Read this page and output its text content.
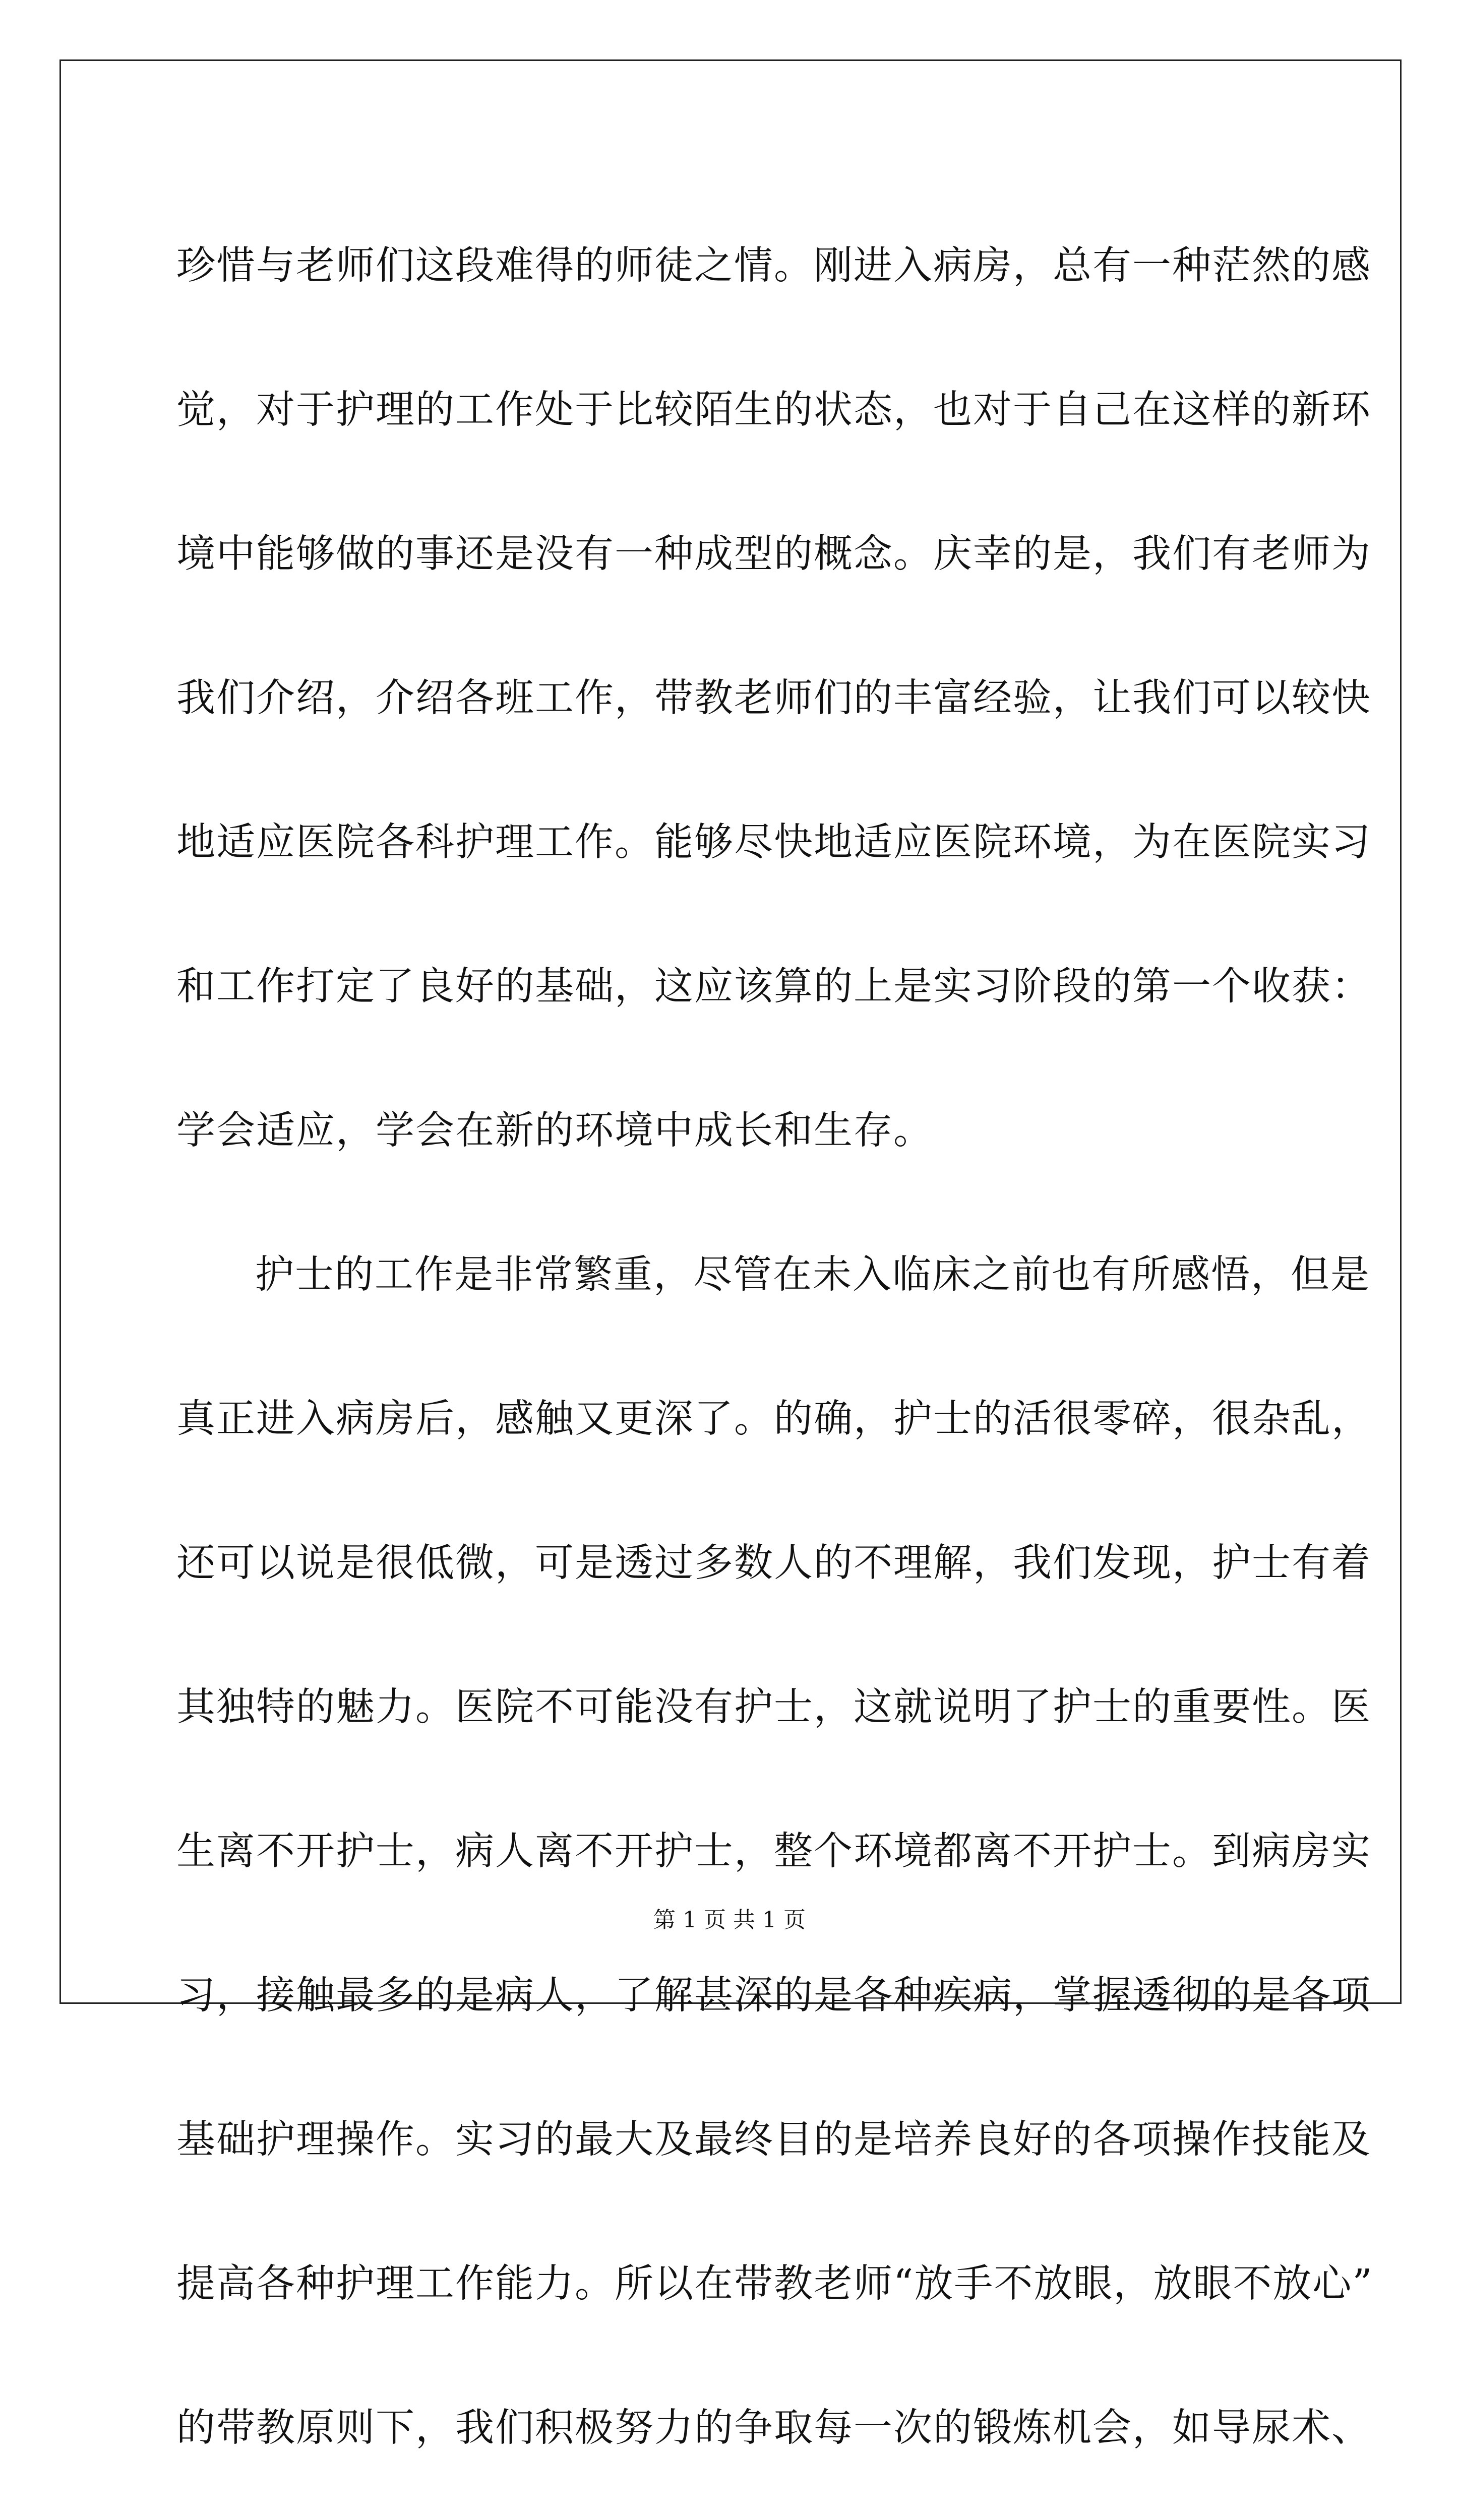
珍惜与老师们这段难得的师徒之情。刚进入病房，总有一种茫然的感
觉，对于护理的工作处于比较陌生的状态，也对于自己在这样的新环
境中能够做的事还是没有一种成型的概念。庆幸的是，我们有老师为
我们介绍，介绍各班工作，带教老师们的丰富经验，让我们可以较快
地适应医院各科护理工作。能够尽快地适应医院环境，为在医院实习
和工作打定了良好的基础，这应该算的上是实习阶段的第一个收获：
学会适应，学会在新的环境中成长和生存。
护士的工作是非常繁重，尽管在未入临床之前也有所感悟，但是
真正进入病房后，感触又更深了。的确，护士的活很零碎，很杂乱，
还可以说是很低微，可是透过多数人的不理解，我们发现，护士有着
其独特的魅力。医院不可能没有护士，这就说明了护士的重要性。医
生离不开护士，病人离不开护士，整个环境都离不开护士。到病房实
习，接触最多的是病人，了解甚深的是各种疾病，掌握透彻的是各项
基础护理操作。实习的最大及最终目的是培养良好的各项操作技能及
提高各种护理工作能力。所以在带教老师“放手不放眼，放眼不放心”
的带教原则下，我们积极努力的争取每一次的锻炼机会，如导尿术、
第 1 页 共 1 页
